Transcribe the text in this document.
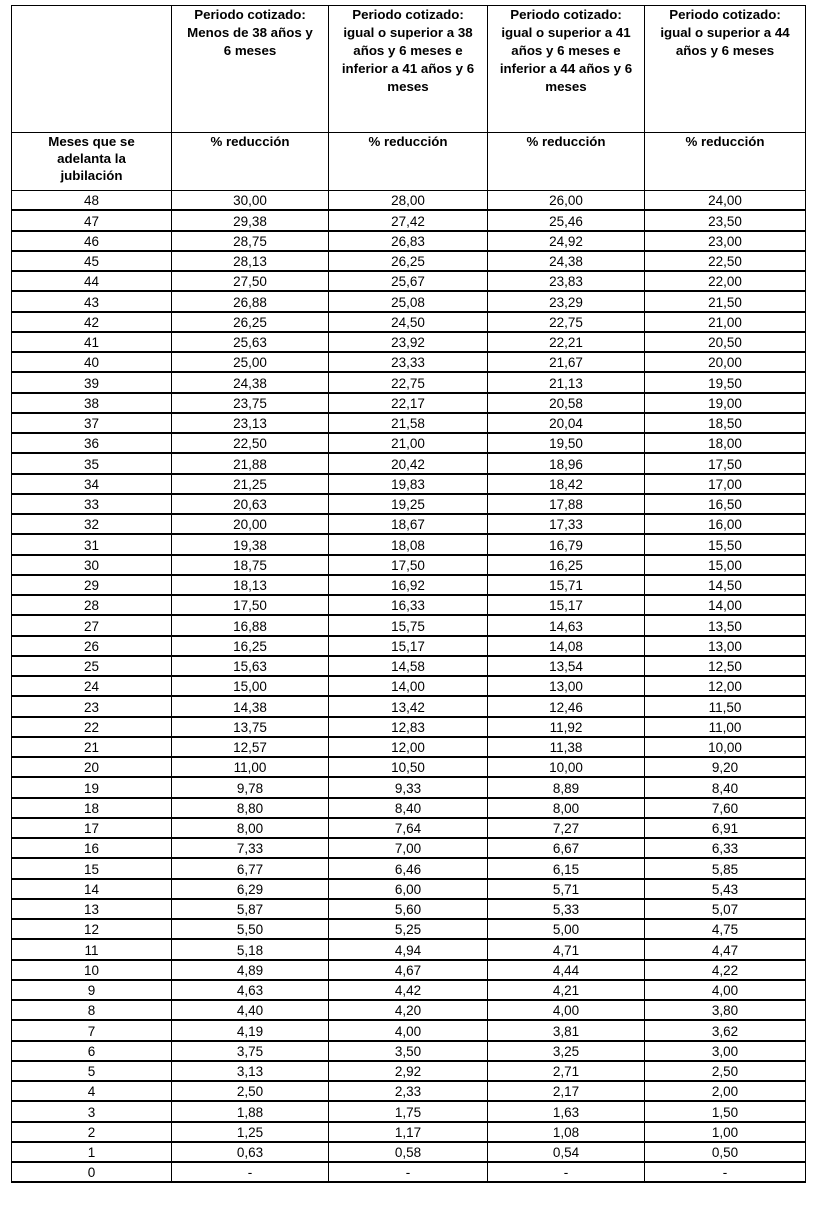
	Periodo cotizado: Menos de 38 años y 6 meses	Periodo cotizado: igual o superior a 38 años y 6 meses e inferior a 41 años y 6 meses	Periodo cotizado: igual o superior a 41 años y 6 meses e inferior a 44 años y 6 meses	Periodo cotizado: igual o superior a 44 años y 6 meses

Meses que se adelanta la jubilación	% reducción	% reducción	% reducción	% reducción
48	30,00	28,00	26,00	24,00
47	29,38	27,42	25,46	23,50
46	28,75	26,83	24,92	23,00
45	28,13	26,25	24,38	22,50
44	27,50	25,67	23,83	22,00
43	26,88	25,08	23,29	21,50
42	26,25	24,50	22,75	21,00
41	25,63	23,92	22,21	20,50
40	25,00	23,33	21,67	20,00
39	24,38	22,75	21,13	19,50
38	23,75	22,17	20,58	19,00
37	23,13	21,58	20,04	18,50
36	22,50	21,00	19,50	18,00
35	21,88	20,42	18,96	17,50
34	21,25	19,83	18,42	17,00
33	20,63	19,25	17,88	16,50
32	20,00	18,67	17,33	16,00
31	19,38	18,08	16,79	15,50
30	18,75	17,50	16,25	15,00
29	18,13	16,92	15,71	14,50
28	17,50	16,33	15,17	14,00
27	16,88	15,75	14,63	13,50
26	16,25	15,17	14,08	13,00
25	15,63	14,58	13,54	12,50
24	15,00	14,00	13,00	12,00
23	14,38	13,42	12,46	11,50
22	13,75	12,83	11,92	11,00
21	12,57	12,00	11,38	10,00
20	11,00	10,50	10,00	9,20
19	9,78	9,33	8,89	8,40
18	8,80	8,40	8,00	7,60
17	8,00	7,64	7,27	6,91
16	7,33	7,00	6,67	6,33
15	6,77	6,46	6,15	5,85
14	6,29	6,00	5,71	5,43
13	5,87	5,60	5,33	5,07
12	5,50	5,25	5,00	4,75
11	5,18	4,94	4,71	4,47
10	4,89	4,67	4,44	4,22
9	4,63	4,42	4,21	4,00
8	4,40	4,20	4,00	3,80
7	4,19	4,00	3,81	3,62
6	3,75	3,50	3,25	3,00
5	3,13	2,92	2,71	2,50
4	2,50	2,33	2,17	2,00
3	1,88	1,75	1,63	1,50
2	1,25	1,17	1,08	1,00
1	0,63	0,58	0,54	0,50
0	-	-	-	-
